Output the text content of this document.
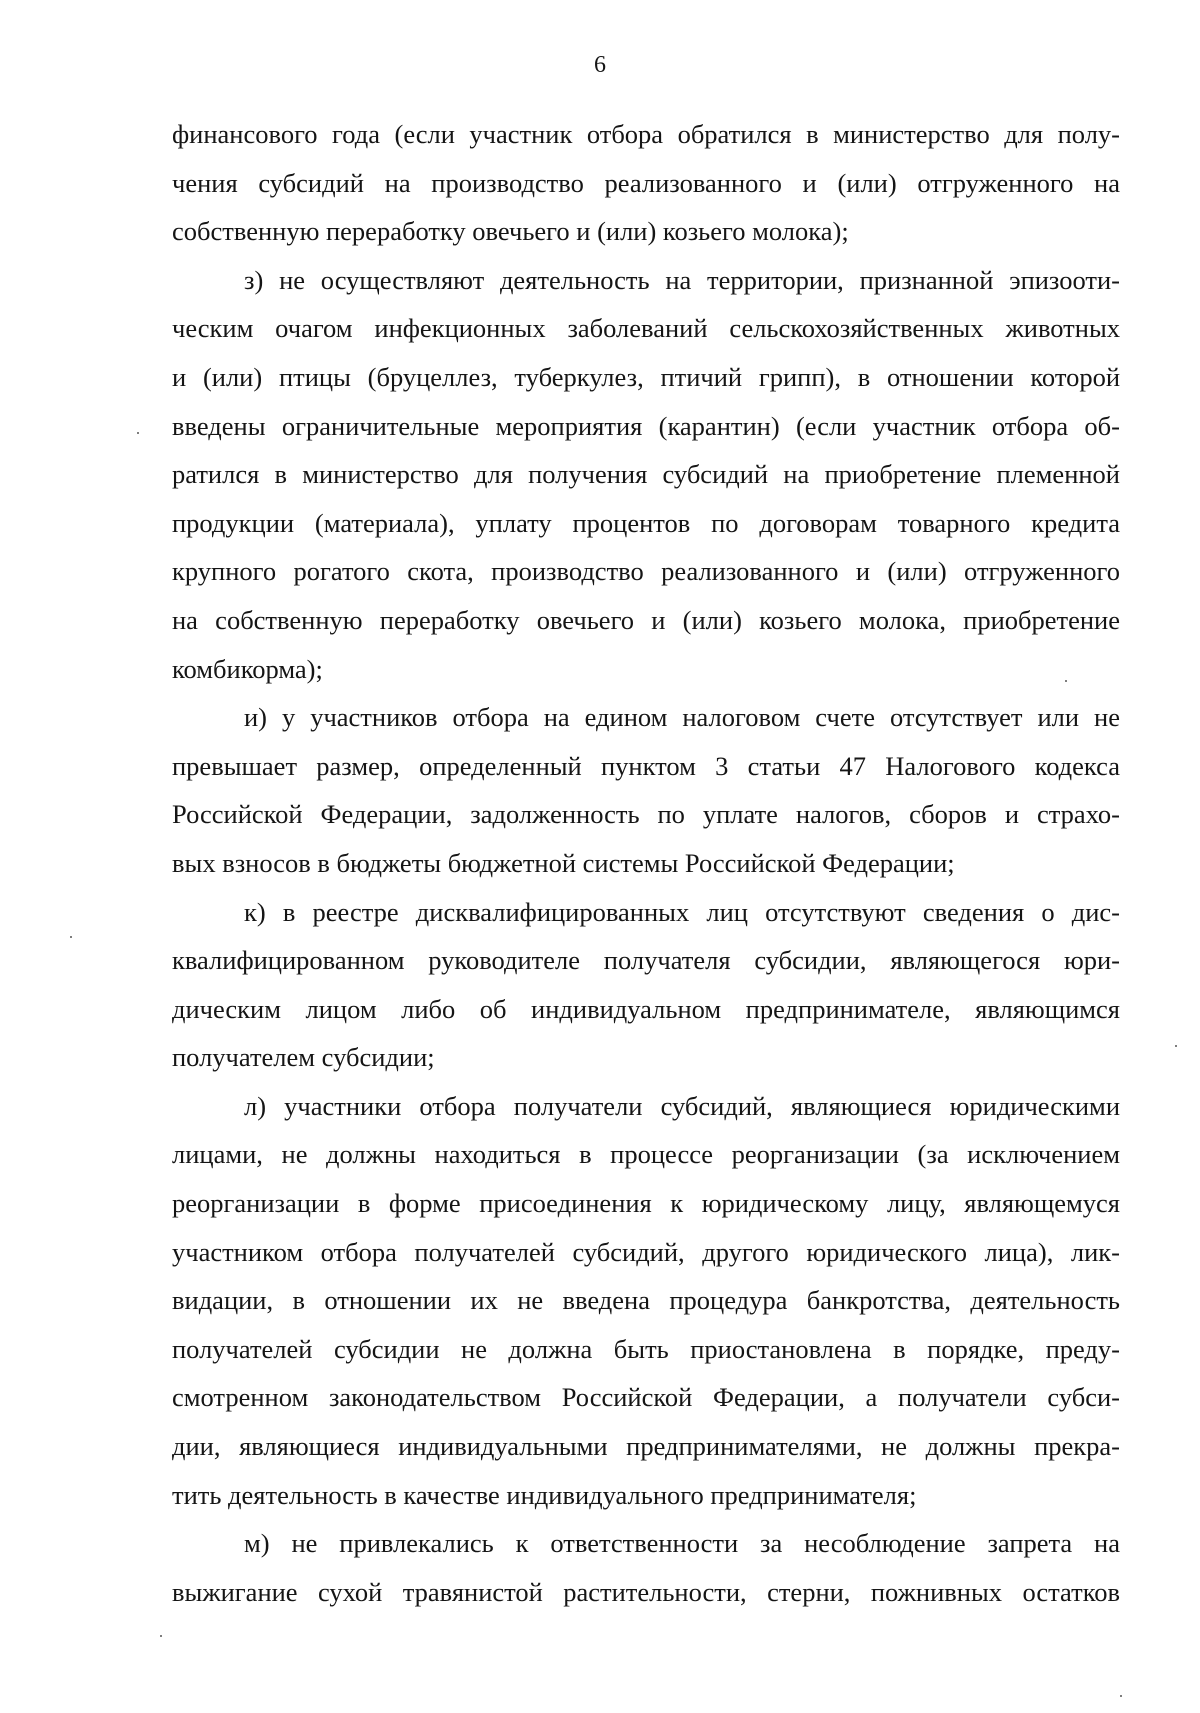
6
финансового года (если участник отбора обратился в министерство для полу-
чения субсидий на производство реализованного и (или) отгруженного на
собственную переработку овечьего и (или) козьего молока);
з) не осуществляют деятельность на территории, признанной эпизооти-
ческим очагом инфекционных заболеваний сельскохозяйственных животных
и (или) птицы (бруцеллез, туберкулез, птичий грипп), в отношении которой
введены ограничительные мероприятия (карантин) (если участник отбора об-
ратился в министерство для получения субсидий на приобретение племенной
продукции (материала), уплату процентов по договорам товарного кредита
крупного рогатого скота, производство реализованного и (или) отгруженного
на собственную переработку овечьего и (или) козьего молока, приобретение
комбикорма);
и) у участников отбора на едином налоговом счете отсутствует или не
превышает размер, определенный пунктом 3 статьи 47 Налогового кодекса
Российской Федерации, задолженность по уплате налогов, сборов и страхо-
вых взносов в бюджеты бюджетной системы Российской Федерации;
к) в реестре дисквалифицированных лиц отсутствуют сведения о дис-
квалифицированном руководителе получателя субсидии, являющегося юри-
дическим лицом либо об индивидуальном предпринимателе, являющимся
получателем субсидии;
л) участники отбора получатели субсидий, являющиеся юридическими
лицами, не должны находиться в процессе реорганизации (за исключением
реорганизации в форме присоединения к юридическому лицу, являющемуся
участником отбора получателей субсидий, другого юридического лица), лик-
видации, в отношении их не введена процедура банкротства, деятельность
получателей субсидии не должна быть приостановлена в порядке, преду-
смотренном законодательством Российской Федерации, а получатели субси-
дии, являющиеся индивидуальными предпринимателями, не должны прекра-
тить деятельность в качестве индивидуального предпринимателя;
м) не привлекались к ответственности за несоблюдение запрета на
выжигание сухой травянистой растительности, стерни, пожнивных остатков
